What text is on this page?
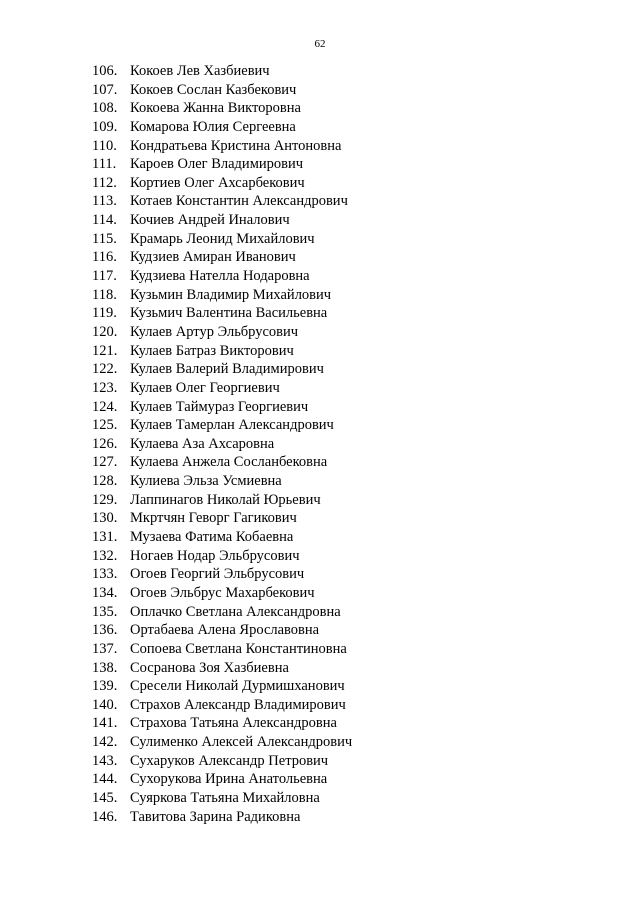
62
106. Кокоев Лев Хазбиевич
107. Кокоев Сослан Казбекович
108. Кокоева Жанна Викторовна
109. Комарова Юлия Сергеевна
110. Кондратьева Кристина Антоновна
111. Кароев Олег Владимирович
112. Кортиев Олег Ахсарбекович
113. Котаев Константин Александрович
114. Кочиев Андрей Иналович
115. Крамарь Леонид Михайлович
116. Кудзиев Амиран Иванович
117. Кудзиева Нателла Нодаровна
118. Кузьмин Владимир Михайлович
119. Кузьмич Валентина Васильевна
120. Кулаев Артур Эльбрусович
121. Кулаев Батраз Викторович
122. Кулаев Валерий Владимирович
123. Кулаев Олег Георгиевич
124. Кулаев Таймураз Георгиевич
125. Кулаев Тамерлан Александрович
126. Кулаева Аза Ахсаровна
127. Кулаева Анжела Сосланбековна
128. Кулиева Эльза Усмиевна
129. Лаппинагов Николай Юрьевич
130. Мкртчян Геворг Гагикович
131. Музаева Фатима Кобаевна
132. Ногаев Нодар Эльбрусович
133. Огоев Георгий Эльбрусович
134. Огоев Эльбрус Махарбекович
135. Оплачко Светлана Александровна
136. Ортабаева Алена Ярославовна
137. Сопоева Светлана Константиновна
138. Сосранова Зоя Хазбиевна
139. Сресели Николай Дурмишханович
140. Страхов Александр Владимирович
141. Страхова Татьяна Александровна
142. Сулименко Алексей Александрович
143. Сухаруков Александр Петрович
144. Сухорукова Ирина Анатольевна
145. Суяркова Татьяна Михайловна
146. Тавитова Зарина Радиковна
